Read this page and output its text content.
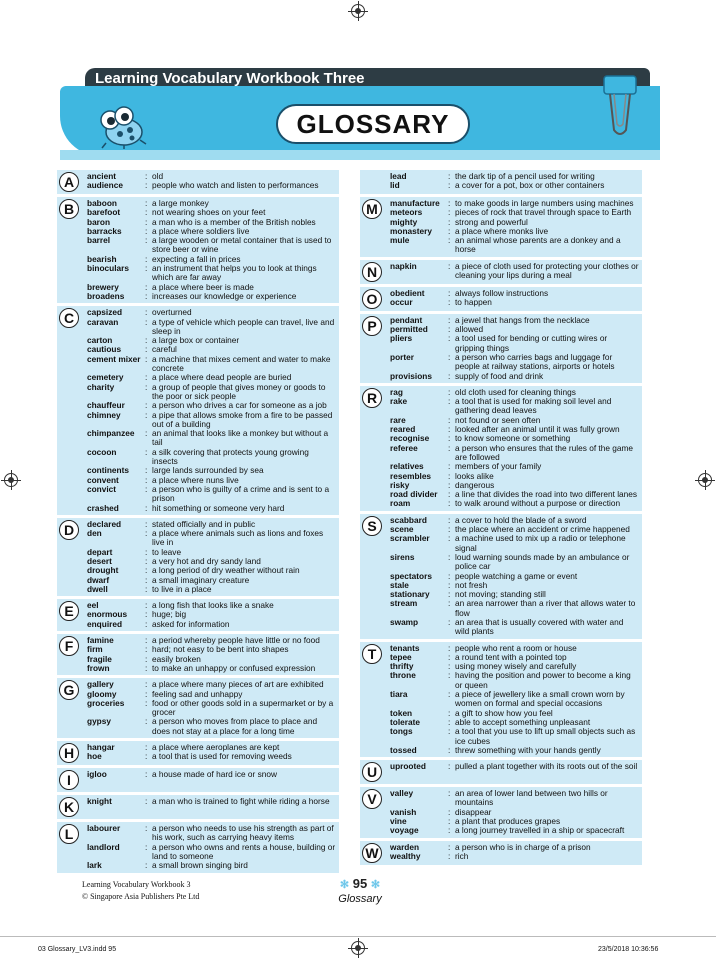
Learning Vocabulary Workbook Three
GLOSSARY
A	ancient	: old
audience	: people who watch and listen to performances
B	baboon	: a large monkey
barefoot	: not wearing shoes on your feet
baron	: a man who is a member of the British nobles
barracks	: a place where soldiers live
barrel	: a large wooden or metal container that is used to store beer or wine
bearish	: expecting a fall in prices
binoculars	: an instrument that helps you to look at things which are far away
brewery	: a place where beer is made
broadens	: increases our knowledge or experience
C	capsized	: overturned
caravan	: a type of vehicle which people can travel, live and sleep in
carton	: a large box or container
cautious	: careful
cement mixer : a machine that mixes cement and water to make concrete
cemetery	: a place where dead people are buried
charity	: a group of people that gives money or goods to the poor or sick people
chauffeur	: a person who drives a car for someone as a job
chimney	: a pipe that allows smoke from a fire to be passed out of a building
chimpanzee	: an animal that looks like a monkey but without a tail
cocoon	: a silk covering that protects young growing insects
continents	: large lands surrounded by sea
convent	: a place where nuns live
convict	: a person who is guilty of a crime and is sent to a prison
crashed	: hit something or someone very hard
D	declared	: stated officially and in public
den	: a place where animals such as lions and foxes live in
depart	: to leave
desert	: a very hot and dry sandy land
drought	: a long period of dry weather without rain
dwarf	: a small imaginary creature
dwell	: to live in a place
E	eel	: a long fish that looks like a snake
enormous	: huge; big
enquired	: asked for information
F	famine	: a period whereby people have little or no food
firm	: hard; not easy to be bent into shapes
fragile	: easily broken
frown	: to make an unhappy or confused expression
G	gallery	: a place where many pieces of art are exhibited
gloomy	: feeling sad and unhappy
groceries	: food or other goods sold in a supermarket or by a grocer
gypsy	: a person who moves from place to place and does not stay at a place for a long time
H	hangar	: a place where aeroplanes are kept
hoe	: a tool that is used for removing weeds
I	igloo	: a house made of hard ice or snow
K	knight	: a man who is trained to fight while riding a horse
L	labourer	: a person who needs to use his strength as part of his work, such as carrying heavy items
landlord	: a person who owns and rents a house, building or land to someone
lark	: a small brown singing bird
lead	: the dark tip of a pencil used for writing
lid	: a cover for a pot, box or other containers
M	manufacture : to make goods in large numbers using machines
meteors	: pieces of rock that travel through space to Earth
mighty	: strong and powerful
monastery	: a place where monks live
mule	: an animal whose parents are a donkey and a horse
N	napkin	: a piece of cloth used for protecting your clothes or cleaning your lips during a meal
O	obedient	: always follow instructions
occur	: to happen
P	pendant	: a jewel that hangs from the necklace
permitted	: allowed
pliers	: a tool used for bending or cutting wires or gripping things
porter	: a person who carries bags and luggage for people at railway stations, airports or hotels
provisions	: supply of food and drink
R	rag	: old cloth used for cleaning things
rake	: a tool that is used for making soil level and gathering dead leaves
rare	: not found or seen often
reared	: looked after an animal until it was fully grown
recognise	: to know someone or something
referee	: a person who ensures that the rules of the game are followed
relatives	: members of your family
resembles	: looks alike
risky	: dangerous
road divider	: a line that divides the road into two different lanes
roam	: to walk around without a purpose or direction
S	scabbard	: a cover to hold the blade of a sword
scene	: the place where an accident or crime happened
scrambler	: a machine used to mix up a radio or telephone signal
sirens	: loud warning sounds made by an ambulance or police car
spectators	: people watching a game or event
stale	: not fresh
stationary	: not moving; standing still
stream	: an area narrower than a river that allows water to flow
swamp	: an area that is usually covered with water and wild plants
T	tenants	: people who rent a room or house
tepee	: a round tent with a pointed top
thrifty	: using money wisely and carefully
throne	: having the position and power to become a king or queen
tiara	: a piece of jewellery like a small crown worn by women on formal and special occasions
token	: a gift to show how you feel
tolerate	: able to accept something unpleasant
tongs	: a tool that you use to lift up small objects such as ice cubes
tossed	: threw something with your hands gently
U	uprooted	: pulled a plant together with its roots out of the soil
V	valley	: an area of lower land between two hills or mountains
vanish	: disappear
vine	: a plant that produces grapes
voyage	: a long journey travelled in a ship or spacecraft
W	warden	: a person who is in charge of a prison
wealthy	: rich
Learning Vocabulary Workbook 3
© Singapore Asia Publishers Pte Ltd
✻ 95 ✻
Glossary
03 Glossary_LV3.indd 95	23/5/2018 10:36:56
